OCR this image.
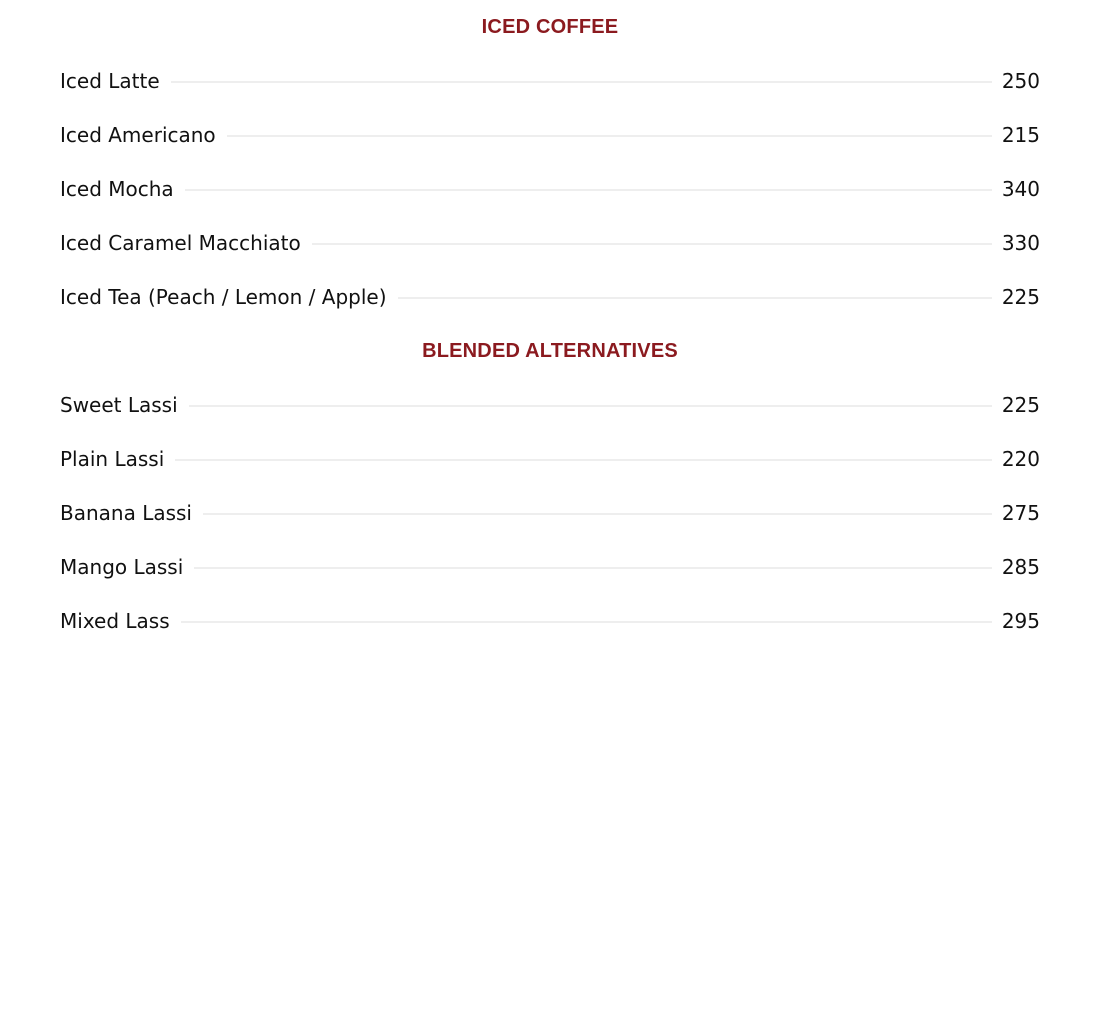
ICED COFFEE
Iced Latte	250
Iced Americano	215
Iced Mocha	340
Iced Caramel Macchiato	330
Iced Tea (Peach / Lemon / Apple)	225
BLENDED ALTERNATIVES
Sweet Lassi	225
Plain Lassi	220
Banana Lassi	275
Mango Lassi	285
Mixed Lass	295
